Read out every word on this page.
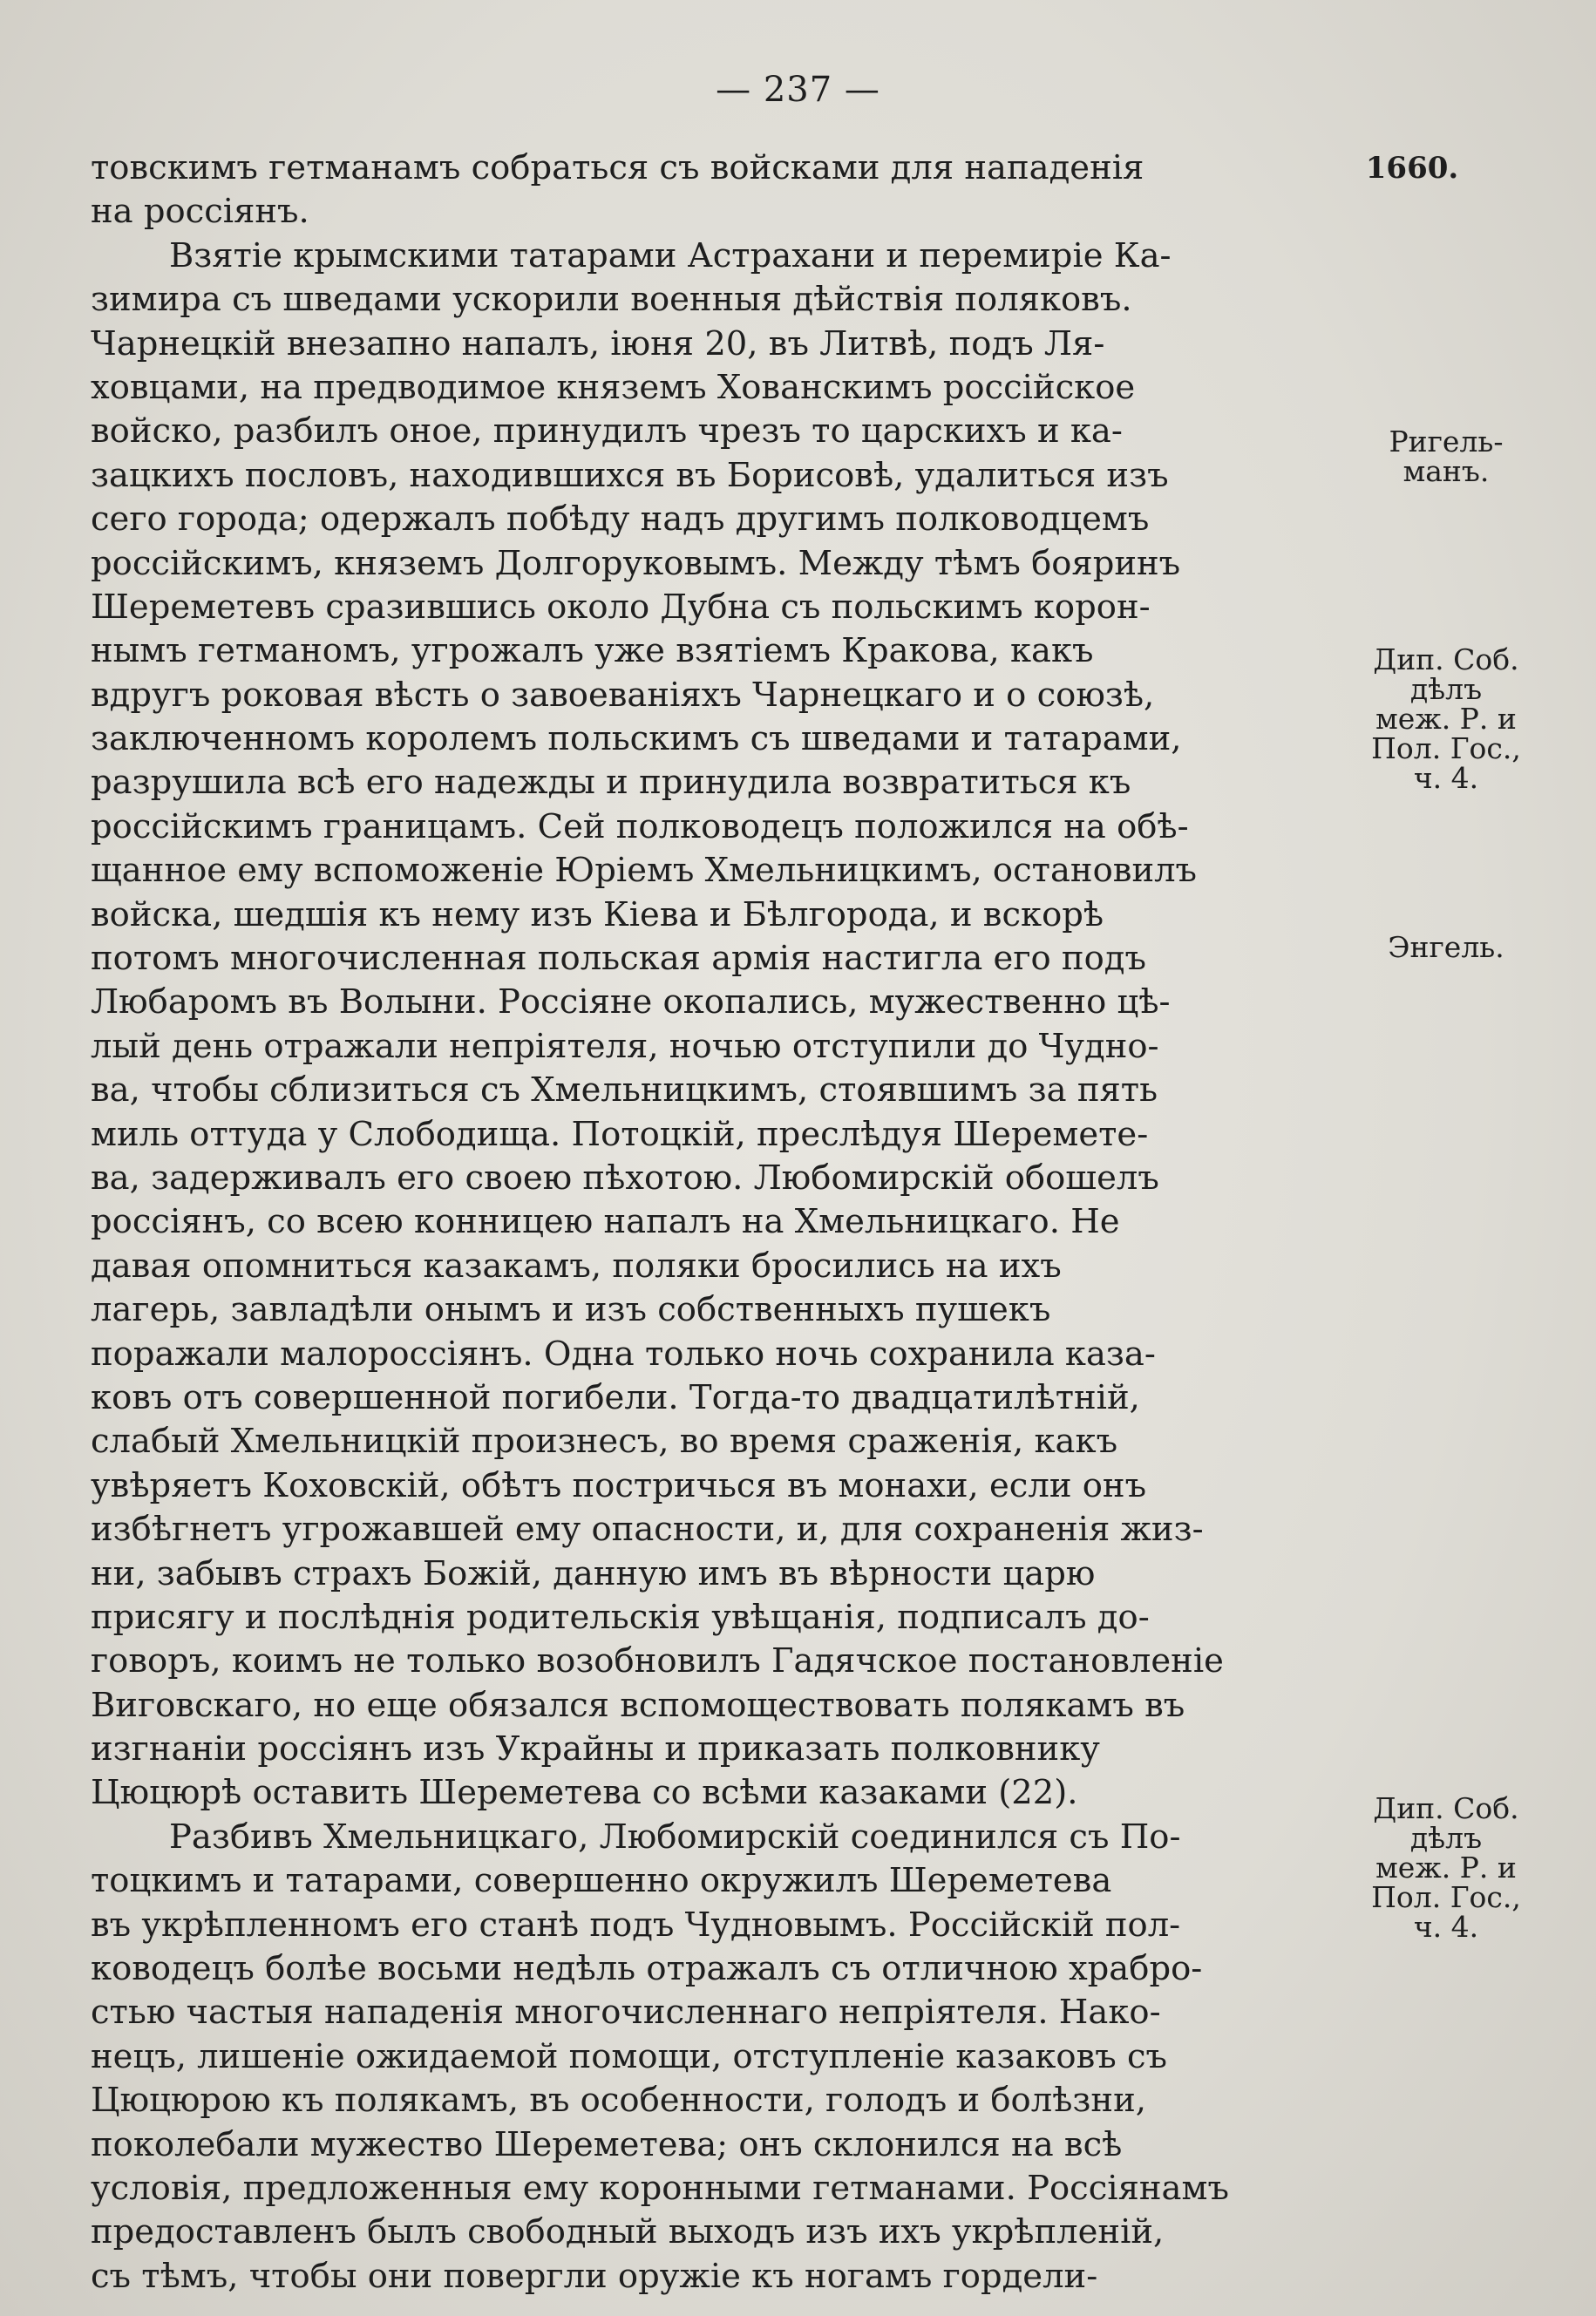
— 237 —
товскимъ гетманамъ собраться съ войсками для нападенія
на россіянъ.
Взятіе крымскими татарами Астрахани и перемиріе Ка-
зимира съ шведами ускорили военныя дѣйствія поляковъ.
Чарнецкій внезапно напалъ, іюня 20, въ Литвѣ, подъ Ля-
ховцами, на предводимое княземъ Хованскимъ россійское
войско, разбилъ оное, принудилъ чрезъ то царскихъ и ка-
зацкихъ пословъ, находившихся въ Борисовѣ, удалиться изъ
сего города; одержалъ побѣду надъ другимъ полководцемъ
россійскимъ, княземъ Долгоруковымъ. Между тѣмъ бояринъ
Шереметевъ сразившись около Дубна съ польскимъ корон-
нымъ гетманомъ, угрожалъ уже взятіемъ Кракова, какъ
вдругъ роковая вѣсть о завоеваніяхъ Чарнецкаго и о союзѣ,
заключенномъ королемъ польскимъ съ шведами и татарами,
разрушила всѣ его надежды и принудила возвратиться къ
россійскимъ границамъ. Сей полководецъ положился на обѣ-
щанное ему вспоможеніе Юріемъ Хмельницкимъ, остановилъ
войска, шедшія къ нему изъ Кіева и Бѣлгорода, и вскорѣ
потомъ многочисленная польская армія настигла его подъ
Любаромъ въ Волыни. Россіяне окопались, мужественно цѣ-
лый день отражали непріятеля, ночью отступили до Чудно-
ва, чтобы сблизиться съ Хмельницкимъ, стоявшимъ за пять
миль оттуда у Слободища. Потоцкій, преслѣдуя Шереметe-
ва, задерживалъ его своею пѣхотою. Любомирскій обошелъ
россіянъ, со всею конницею напалъ на Хмельницкаго. Не
давая опомниться казакамъ, поляки бросились на ихъ
лагерь, завладѣли онымъ и изъ собственныхъ пушекъ
поражали малороссіянъ. Одна только ночь сохранила каза-
ковъ отъ совершенной погибели. Тогда-то двадцатилѣтній,
слабый Хмельницкій произнесъ, во время сраженія, какъ
увѣряетъ Коховскій, обѣтъ постричься въ монахи, если онъ
избѣгнетъ угрожавшей ему опасности, и, для сохраненія жиз-
ни, забывъ страхъ Божій, данную имъ въ вѣрности царю
присягу и послѣднія родительскія увѣщанія, подписалъ до-
говоръ, коимъ не только возобновилъ Гадячское постановленіе
Виговскаго, но еще обязался вспомоществовать полякамъ въ
изгнаніи россіянъ изъ Украйны и приказать полковнику
Цюцюрѣ оставить Шереметева со всѣми казаками (22).
Разбивъ Хмельницкаго, Любомирскій соединился съ По-
тоцкимъ и татарами, совершенно окружилъ Шереметева
въ укрѣпленномъ его станѣ подъ Чудновымъ. Россійскій пол-
ководецъ болѣе восьми недѣль отражалъ съ отличною храбро-
стью частыя нападенія многочисленнаго непріятеля. Нако-
нецъ, лишеніе ожидаемой помощи, отступленіе казаковъ съ
Цюцюрою къ полякамъ, въ особенности, голодъ и болѣзни,
поколебали мужество Шереметева; онъ склонился на всѣ
условія, предложенныя ему коронными гетманами. Россіянамъ
предоставленъ былъ свободный выходъ изъ ихъ укрѣпленій,
съ тѣмъ, чтобы они повергли оружіе къ ногамъ гордели-
1660.
Ригель-
манъ.
Дип. Соб.
дѣлъ
меж. Р. и
Пол. Гос.,
ч. 4.
Энгель.
Дип. Соб.
дѣлъ
меж. Р. и
Пол. Гос.,
ч. 4.
